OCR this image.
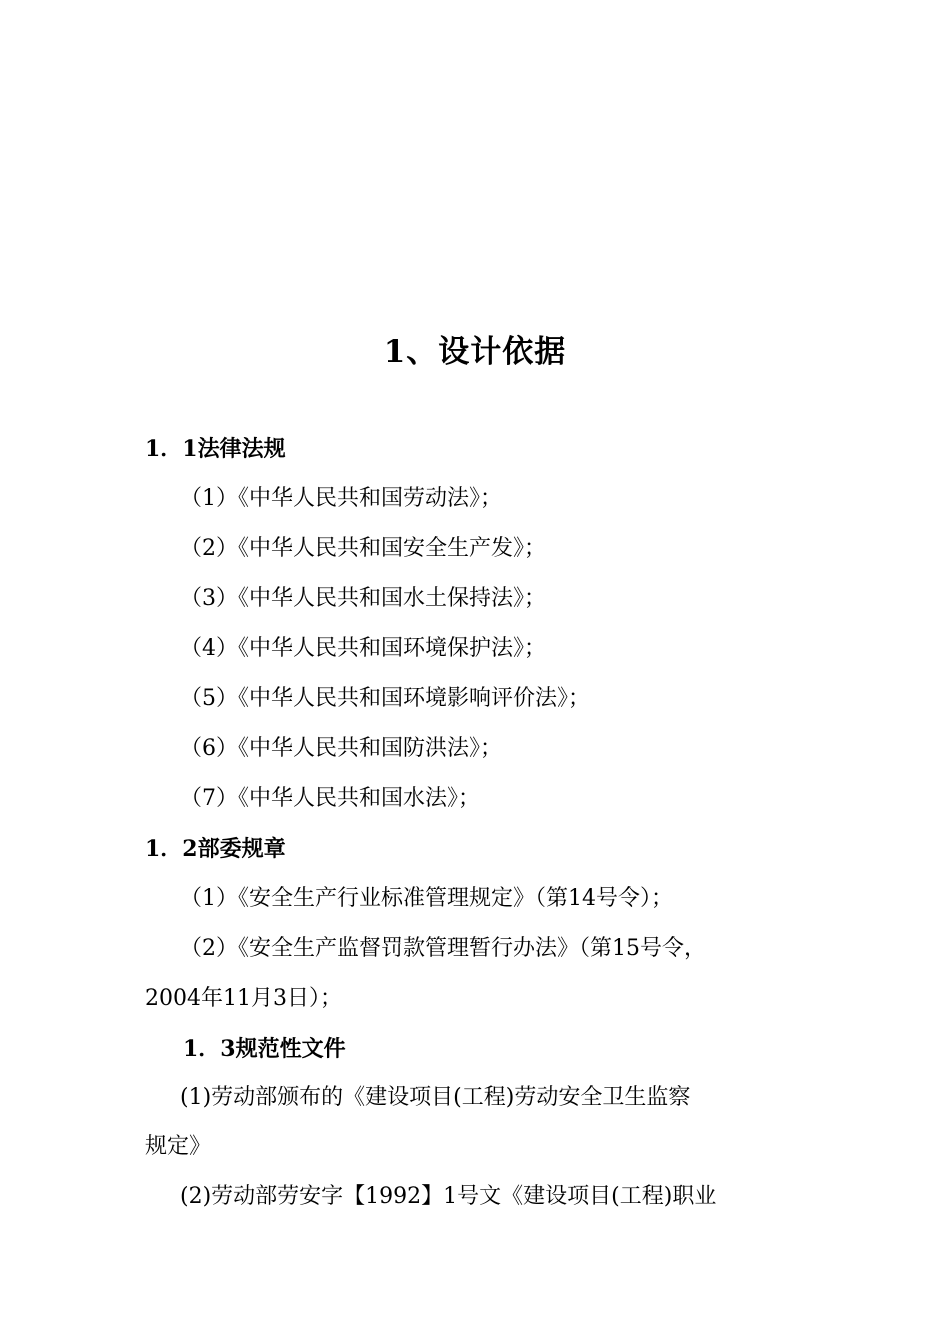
1、设计依据
1．1法律法规
（1）《中华人民共和国劳动法》；
（2）《中华人民共和国安全生产发》；
（3）《中华人民共和国水土保持法》；
（4）《中华人民共和国环境保护法》；
（5）《中华人民共和国环境影响评价法》；
（6）《中华人民共和国防洪法》；
（7）《中华人民共和国水法》；
1．2部委规章
（1）《安全生产行业标准管理规定》（第14号令）；
（2）《安全生产监督罚款管理暂行办法》（第15号令，
2004年11月3日）；
1．3规范性文件
(1)劳动部颁布的《建设项目(工程)劳动安全卫生监察
规定》
(2)劳动部劳安字【1992】1号文《建设项目(工程)职业
